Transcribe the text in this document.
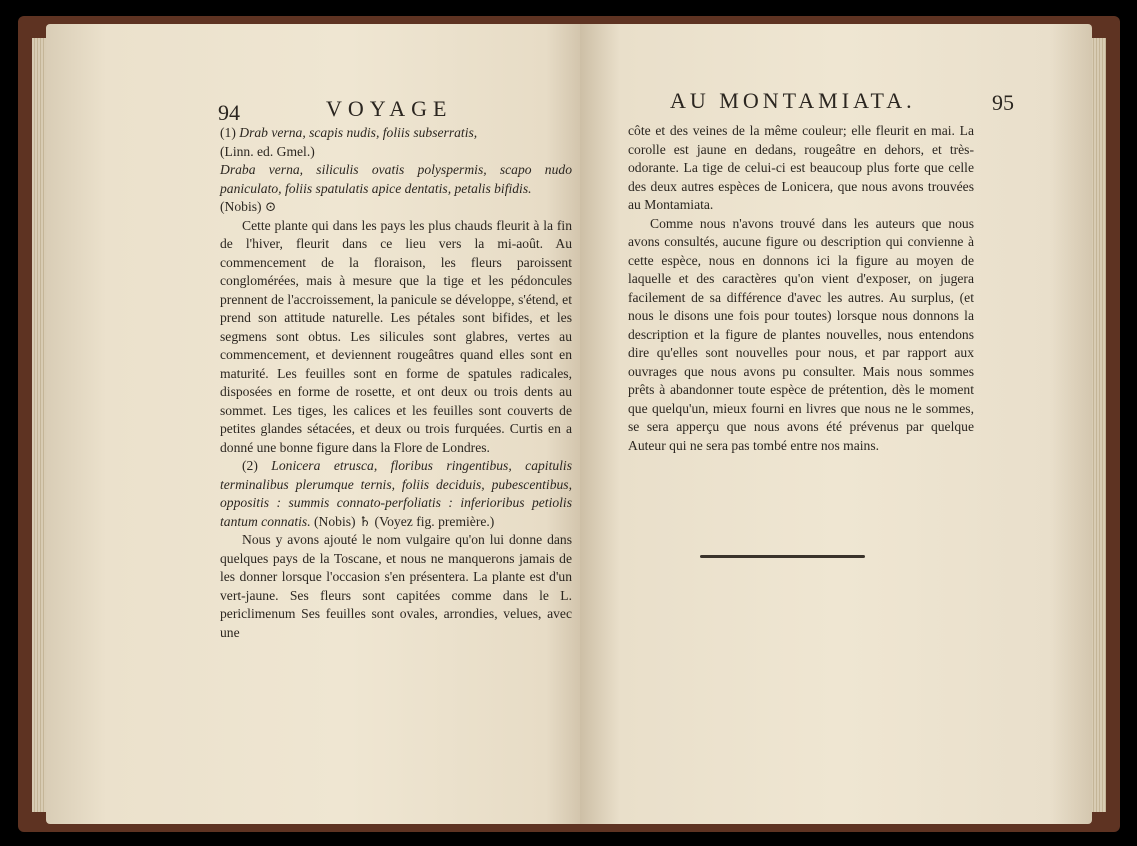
94	VOYAGE

(1) Drab verna, scapis nudis, foliis subserratis,

(Linn. ed. Gmel.)

Draba verna, siliculis ovatis polyspermis, scapo nudo paniculato, foliis spatulatis apice dentatis, petalis bifidis.

(Nobis) ⊙

Cette plante qui dans les pays les plus chauds fleurit à la fin de l'hiver, fleurit dans ce lieu vers la mi-août. Au commencement de la floraison, les fleurs paroissent conglomérées, mais à mesure que la tige et les pédoncules prennent de l'accroissement, la panicule se développe, s'étend, et prend son attitude naturelle. Les pétales sont bifides, et les segmens sont obtus. Les silicules sont glabres, vertes au commencement, et deviennent rougeâtres quand elles sont en maturité. Les feuilles sont en forme de spatules radicales, disposées en forme de rosette, et ont deux ou trois dents au sommet. Les tiges, les calices et les feuilles sont couverts de petites glandes sétacées, et deux ou trois furquées. Curtis en a donné une bonne figure dans la Flore de Londres.

(2) Lonicera etrusca, floribus ringentibus, capitulis terminalibus plerumque ternis, foliis deciduis, pubescentibus, oppositis : summis connato-perfoliatis : inferioribus petiolis tantum connatis. (Nobis) ♄ (Voyez fig. première.)

Nous y avons ajouté le nom vulgaire qu'on lui donne dans quelques pays de la Toscane, et nous ne manquerons jamais de les donner lorsque l'occasion s'en présentera. La plante est d'un vert-jaune. Ses fleurs sont capitées comme dans le L. periclimenum Ses feuilles sont ovales, arrondies, velues, avec une

AU MONTAMIATA.	95

côte et des veines de la même couleur; elle fleurit en mai. La corolle est jaune en dedans, rougeâtre en dehors, et très-odorante. La tige de celui-ci est beaucoup plus forte que celle des deux autres espèces de Lonicera, que nous avons trouvées au Montamiata.

Comme nous n'avons trouvé dans les auteurs que nous avons consultés, aucune figure ou description qui convienne à cette espèce, nous en donnons ici la figure au moyen de laquelle et des caractères qu'on vient d'exposer, on jugera facilement de sa différence d'avec les autres. Au surplus, (et nous le disons une fois pour toutes) lorsque nous donnons la description et la figure de plantes nouvelles, nous entendons dire qu'elles sont nouvelles pour nous, et par rapport aux ouvrages que nous avons pu consulter. Mais nous sommes prêts à abandonner toute espèce de prétention, dès le moment que quelqu'un, mieux fourni en livres que nous ne le sommes, se sera apperçu que nous avons été prévenus par quelque Auteur qui ne sera pas tombé entre nos mains.
